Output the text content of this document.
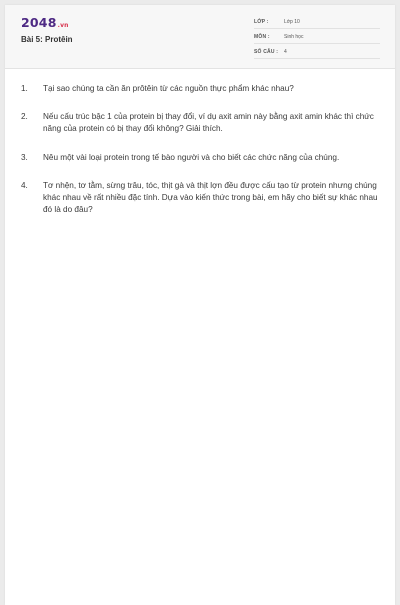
2048.vn
Bài 5: Protêin
LỚP :	Lớp 10
MÔN :	Sinh học
SỐ CÂU : 4
1.	Tại sao chúng ta cần ăn prôtêin từ các nguồn thực phẩm khác nhau?
2.	Nếu cấu trúc bậc 1 của protein bị thay đổi, ví dụ axit amin này bằng axit amin khác thì chức năng của protein có bị thay đổi không? Giải thích.
3.	Nêu một vài loại protein trong tế bào người và cho biết các chức năng của chúng.
4.	Tơ nhện, tơ tằm, sừng trâu, tóc, thịt gà và thịt lợn đều được cấu tạo từ protein nhưng chúng khác nhau về rất nhiều đặc tính. Dựa vào kiến thức trong bài, em hãy cho biết sự khác nhau đó là do đâu?
